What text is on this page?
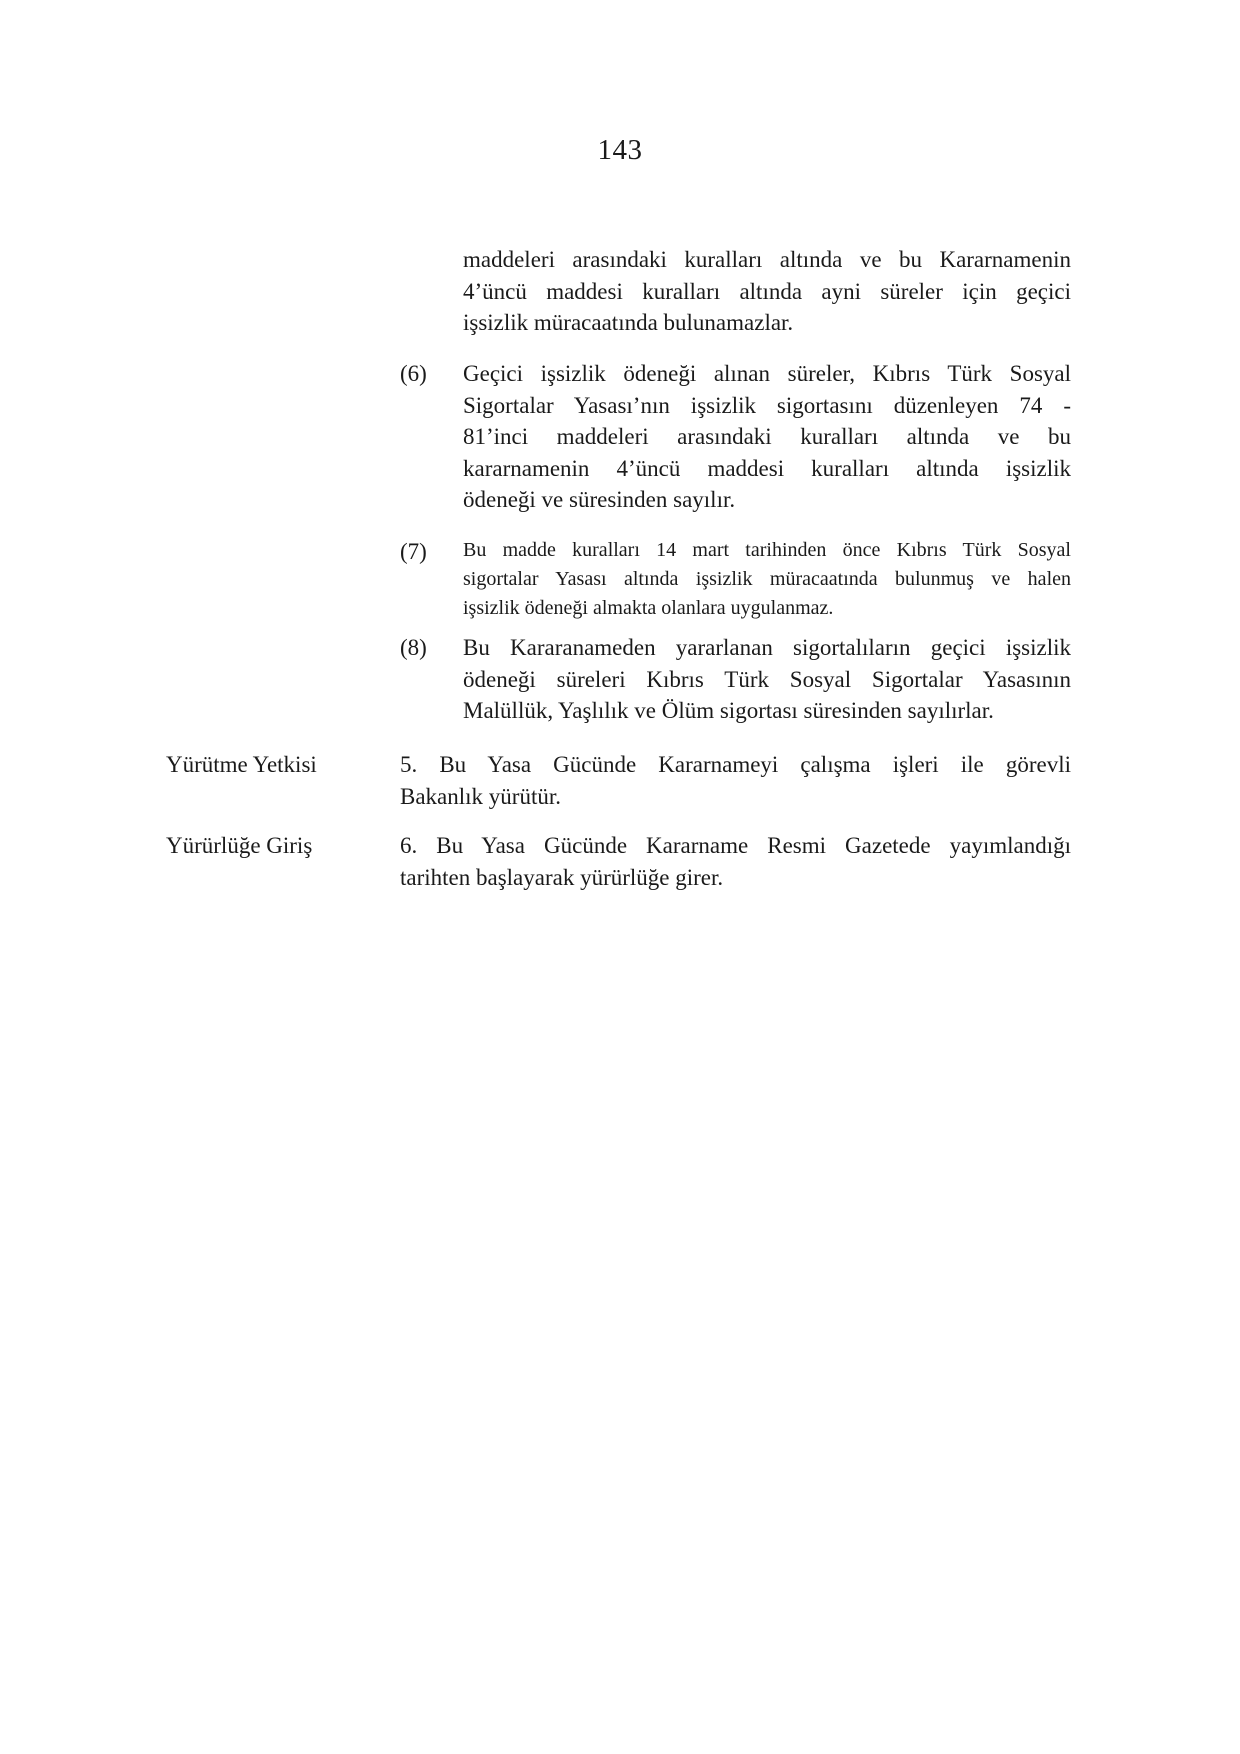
143
maddeleri arasındaki kuralları altında ve bu Kararnamenin
4’üncü maddesi kuralları altında ayni süreler için geçici
işsizlik müracaatında bulunamazlar.
(6) Geçici işsizlik ödeneği alınan süreler, Kıbrıs Türk Sosyal
Sigortalar Yasası’nın işsizlik sigortasını düzenleyen 74 -
81’inci maddeleri arasındaki kuralları altında ve bu
kararnamenin 4’üncü maddesi kuralları altında işsizlik
ödeneği ve süresinden sayılır.
(7) Bu madde kuralları 14 mart tarihinden önce Kıbrıs Türk Sosyal
sigortalar Yasası altında işsizlik müracaatında bulunmuş ve halen
işsizlik ödeneği almakta olanlara uygulanmaz.
(8) Bu Kararanameden yararlanan sigortalıların geçici işsizlik
ödeneği süreleri Kıbrıs Türk Sosyal Sigortalar Yasasının
Malüllük, Yaşlılık ve Ölüm sigortası süresinden sayılırlar.
Yürütme Yetkisi	5. Bu Yasa Gücünde Kararnameyi çalışma işleri ile görevli
Bakanlık yürütür.
Yürürlüğe Giriş	6. Bu Yasa Gücünde Kararname Resmi Gazetede yayımlandığı
tarihten başlayarak yürürlüğe girer.
